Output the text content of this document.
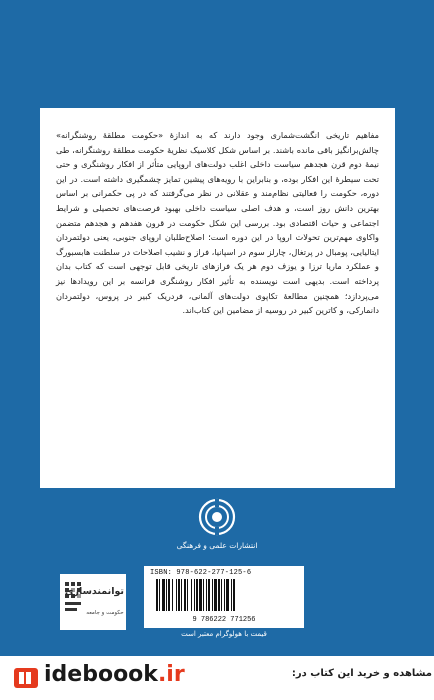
مفاهیم تاریخی انگشت‌شماری وجود دارند که به اندازهٔ «حکومت مطلقهٔ روشنگرانه» چالش‌برانگیز باقی مانده باشند. بر اساس شکل کلاسیک نظریهٔ حکومت مطلقهٔ روشنگرانه، طی نیمهٔ دوم قرن هجدهم سیاست داخلی اغلب دولت‌های اروپایی متأثر از افکار روشنگری و حتی تحت سیطرهٔ این افکار بوده، و بنابراین با رویه‌های پیشین تمایز چشمگیری داشته است. در این دوره، حکومت را فعالیتی نظام‌مند و عقلانی در نظر می‌گرفتند که در پی حکمرانی بر اساس بهترین دانش روز است، و هدف اصلی سیاست داخلی بهبود فرصت‌های تحصیلی و شرایط اجتماعی و حیات اقتصادی بود. بررسی این شکل حکومت در قرون هفدهم و هجدهم متضمن واکاوی مهم‌ترین تحولات اروپا در این دوره است؛ اصلاح‌طلبان اروپای جنوبی، یعنی دولتمردان ایتالیایی، پومبال در پرتغال، چارلز سوم در اسپانیا، فراز و نشیب اصلاحات در سلطنت هابسبورگ و عملکرد ماریا ترزا و یوزف دوم هر یک فرازهای تاریخی قابل توجهی است که کتاب بدان پرداخته است. بدیهی است نویسنده به تأثیر افکار روشنگری فرانسه بر این رویدادها نیز می‌پردازد؛ همچنین مطالعهٔ تکاپوی دولت‌های آلمانی، فردریک کبیر در پروس، دولتمردان دانمارکی، و کاترین کبیر در روسیه از مضامین این کتاب‌اند.

انتشارات علمی و فرهنگی
توانمندسازی
حکومت و جامعه
ISBN: 978-622-277-125-6
9 786222 771256
قیمت با هولوگرام معتبر است
ideboook.ir	مشاهده و خرید این کتاب در:
